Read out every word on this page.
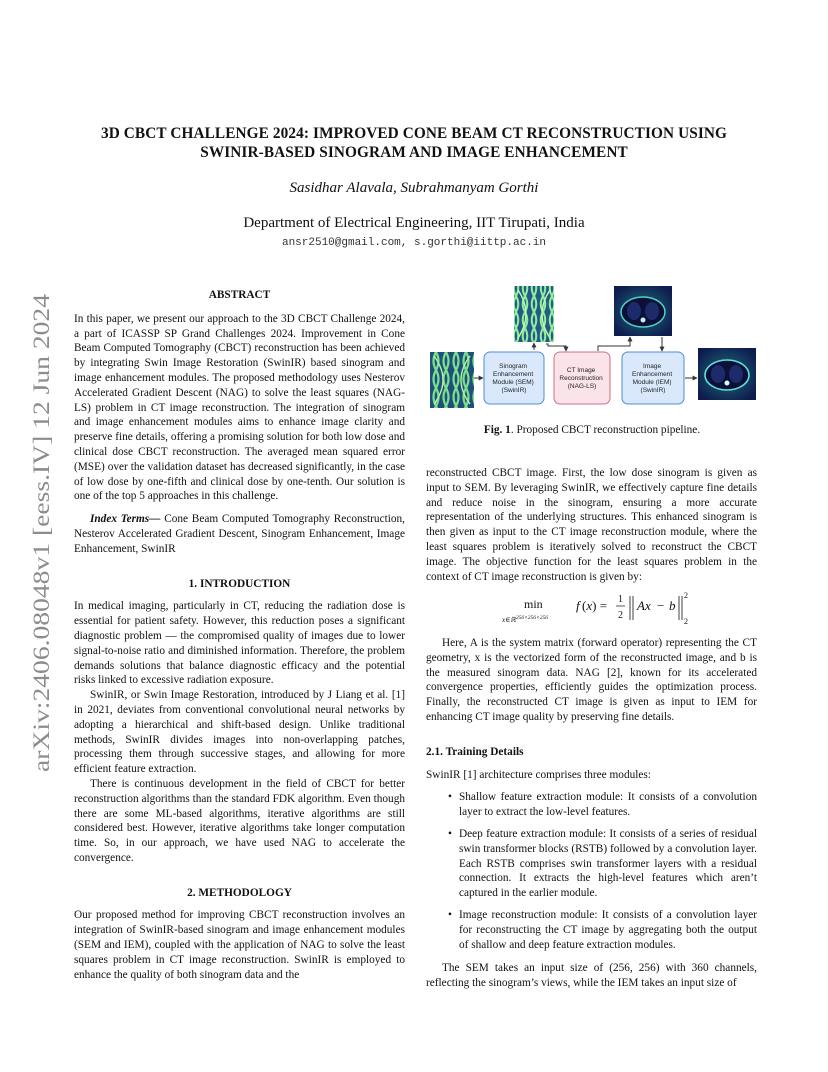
arXiv:2406.08048v1 [eess.IV] 12 Jun 2024
3D CBCT CHALLENGE 2024: IMPROVED CONE BEAM CT RECONSTRUCTION USING
SWINIR-BASED SINOGRAM AND IMAGE ENHANCEMENT
Sasidhar Alavala, Subrahmanyam Gorthi
Department of Electrical Engineering, IIT Tirupati, India
ansr2510@gmail.com, s.gorthi@iittp.ac.in
ABSTRACT

In this paper, we present our approach to the 3D CBCT Challenge 2024, a part of ICASSP SP Grand Challenges 2024. Improvement in Cone Beam Computed Tomography (CBCT) reconstruction has been achieved by integrating Swin Image Restoration (SwinIR) based sinogram and image enhancement modules. The proposed methodology uses Nesterov Accelerated Gradient Descent (NAG) to solve the least squares (NAG-LS) problem in CT image reconstruction. The integration of sinogram and image enhancement modules aims to enhance image clarity and preserve fine details, offering a promising solution for both low dose and clinical dose CBCT reconstruction. The averaged mean squared error (MSE) over the validation dataset has decreased significantly, in the case of low dose by one-fifth and clinical dose by one-tenth. Our solution is one of the top 5 approaches in this challenge.

Index Terms— Cone Beam Computed Tomography Reconstruction, Nesterov Accelerated Gradient Descent, Sinogram Enhancement, Image Enhancement, SwinIR

1. INTRODUCTION

In medical imaging, particularly in CT, reducing the radiation dose is essential for patient safety. However, this reduction poses a significant diagnostic problem — the compromised quality of images due to lower signal-to-noise ratio and diminished information. Therefore, the problem demands solutions that balance diagnostic efficacy and the potential risks linked to excessive radiation exposure.

SwinIR, or Swin Image Restoration, introduced by J Liang et al. [1] in 2021, deviates from conventional convolutional neural networks by adopting a hierarchical and shift-based design. Unlike traditional methods, SwinIR divides images into non-overlapping patches, processing them through successive stages, and allowing for more efficient feature extraction.

There is continuous development in the field of CBCT for better reconstruction algorithms than the standard FDK algorithm. Even though there are some ML-based algorithms, iterative algorithms are still considered best. However, iterative algorithms take longer computation time. So, in our approach, we have used NAG to accelerate the convergence.

2. METHODOLOGY

Our proposed method for improving CBCT reconstruction involves an integration of SwinIR-based sinogram and image enhancement modules (SEM and IEM), coupled with the application of NAG to solve the least squares problem in CT image reconstruction. SwinIR is employed to enhance the quality of both sinogram data and the

Sinogram Enhancement Module (SEM) (SwinIR)
CT Image Reconstruction (NAG-LS)
Image Enhancement Module (IEM) (SwinIR)
Fig. 1. Proposed CBCT reconstruction pipeline.

reconstructed CBCT image. First, the low dose sinogram is given as input to SEM. By leveraging SwinIR, we effectively capture fine details and reduce noise in the sinogram, ensuring a more accurate representation of the underlying structures. This enhanced sinogram is then given as input to the CT image reconstruction module, where the least squares problem is iteratively solved to reconstruct the CBCT image. The objective function for the least squares problem in the context of CT image reconstruction is given by:

min
x∈ℝ$^{256\times 256\times 256}$
f (x) = 1
2
Ax − b
2
2

Here, A is the system matrix (forward operator) representing the CT geometry, x is the vectorized form of the reconstructed image, and b is the measured sinogram data. NAG [2], known for its accelerated convergence properties, efficiently guides the optimization process. Finally, the reconstructed CT image is given as input to IEM for enhancing CT image quality by preserving fine details.

2.1. Training Details

SwinIR [1] architecture comprises three modules:

• Shallow feature extraction module: It consists of a convolution layer to extract the low-level features.
• Deep feature extraction module: It consists of a series of residual swin transformer blocks (RSTB) followed by a convolution layer. Each RSTB comprises swin transformer layers with a residual connection. It extracts the high-level features which aren’t captured in the earlier module.
• Image reconstruction module: It consists of a convolution layer for reconstructing the CT image by aggregating both the output of shallow and deep feature extraction modules.

The SEM takes an input size of (256, 256) with 360 channels, reflecting the sinogram’s views, while the IEM takes an input size of
